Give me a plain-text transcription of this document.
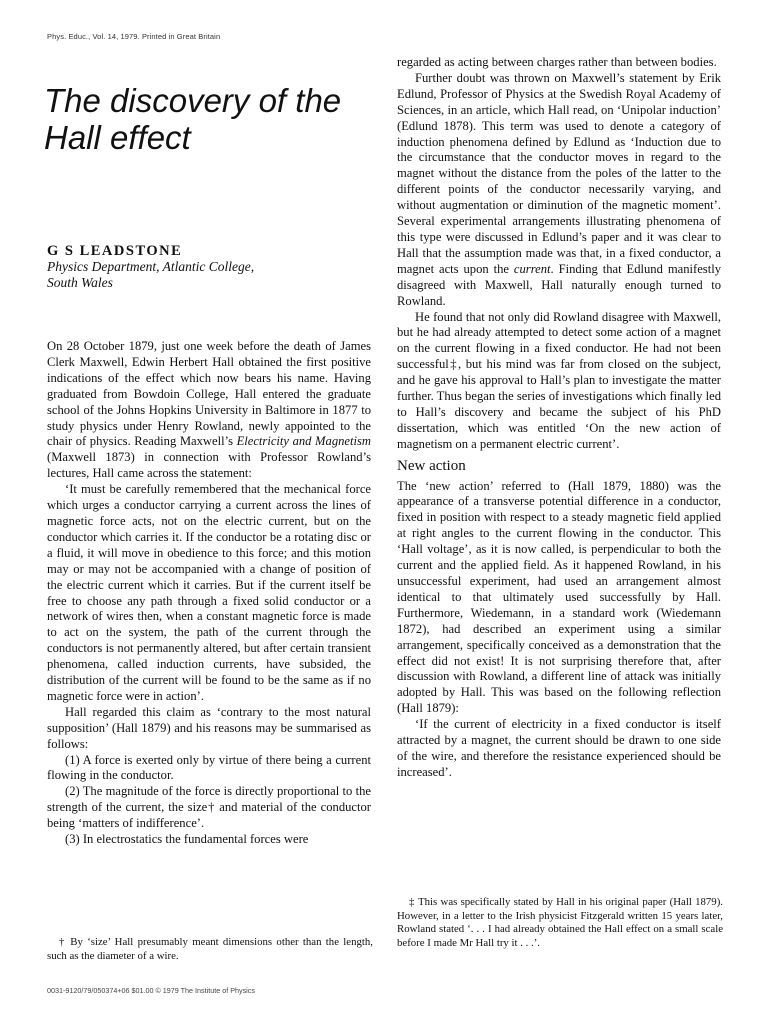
Phys. Educ., Vol. 14, 1979. Printed in Great Britain
The discovery of the Hall effect
G S LEADSTONE
Physics Department, Atlantic College,
South Wales

On 28 October 1879, just one week before the death of James Clerk Maxwell, Edwin Herbert Hall obtained the first positive indications of the effect which now bears his name. Having graduated from Bowdoin College, Hall entered the graduate school of the Johns Hopkins University in Baltimore in 1877 to study physics under Henry Rowland, newly appointed to the chair of physics. Reading Maxwell’s Electricity and Magnetism (Maxwell 1873) in connection with Professor Rowland’s lectures, Hall came across the statement:

‘It must be carefully remembered that the mechanical force which urges a conductor carrying a current across the lines of magnetic force acts, not on the electric current, but on the conductor which carries it. If the conductor be a rotating disc or a fluid, it will move in obedience to this force; and this motion may or may not be accompanied with a change of position of the electric current which it carries. But if the current itself be free to choose any path through a fixed solid conductor or a network of wires then, when a constant magnetic force is made to act on the system, the path of the current through the conductors is not permanently altered, but after certain transient phenomena, called induction currents, have subsided, the distribution of the current will be found to be the same as if no magnetic force were in action’.

Hall regarded this claim as ‘contrary to the most natural supposition’ (Hall 1879) and his reasons may be summarised as follows:

(1) A force is exerted only by virtue of there being a current flowing in the conductor.

(2) The magnitude of the force is directly proportional to the strength of the current, the size† and material of the conductor being ‘matters of indifference’.

(3) In electrostatics the fundamental forces were

† By ‘size’ Hall presumably meant dimensions other than the length, such as the diameter of a wire.

regarded as acting between charges rather than between bodies.

Further doubt was thrown on Maxwell’s statement by Erik Edlund, Professor of Physics at the Swedish Royal Academy of Sciences, in an article, which Hall read, on ‘Unipolar induction’ (Edlund 1878). This term was used to denote a category of induction phenomena defined by Edlund as ‘Induction due to the circumstance that the conductor moves in regard to the magnet without the distance from the poles of the latter to the different points of the conductor necessarily varying, and without augmentation or diminution of the magnetic moment’. Several experimental arrangements illustrating phenomena of this type were discussed in Edlund’s paper and it was clear to Hall that the assumption made was that, in a fixed conductor, a magnet acts upon the current. Finding that Edlund manifestly disagreed with Maxwell, Hall naturally enough turned to Rowland.

He found that not only did Rowland disagree with Maxwell, but he had already attempted to detect some action of a magnet on the current flowing in a fixed conductor. He had not been successful‡, but his mind was far from closed on the subject, and he gave his approval to Hall’s plan to investigate the matter further. Thus began the series of investigations which finally led to Hall’s discovery and became the subject of his PhD dissertation, which was entitled ‘On the new action of magnetism on a permanent electric current’.

New action

The ‘new action’ referred to (Hall 1879, 1880) was the appearance of a transverse potential difference in a conductor, fixed in position with respect to a steady magnetic field applied at right angles to the current flowing in the conductor. This ‘Hall voltage’, as it is now called, is perpendicular to both the current and the applied field. As it happened Rowland, in his unsuccessful experiment, had used an arrangement almost identical to that ultimately used successfully by Hall. Furthermore, Wiedemann, in a standard work (Wiedemann 1872), had described an experiment using a similar arrangement, specifically conceived as a demonstration that the effect did not exist! It is not surprising therefore that, after discussion with Rowland, a different line of attack was initially adopted by Hall. This was based on the following reflection (Hall 1879):

‘If the current of electricity in a fixed conductor is itself attracted by a magnet, the current should be drawn to one side of the wire, and therefore the resistance experienced should be increased’.

‡ This was specifically stated by Hall in his original paper (Hall 1879). However, in a letter to the Irish physicist Fitzgerald written 15 years later, Rowland stated ‘. . . I had already obtained the Hall effect on a small scale before I made Mr Hall try it . . .’.

0031-9120/79/050374+06 $01.00 © 1979 The Institute of Physics
